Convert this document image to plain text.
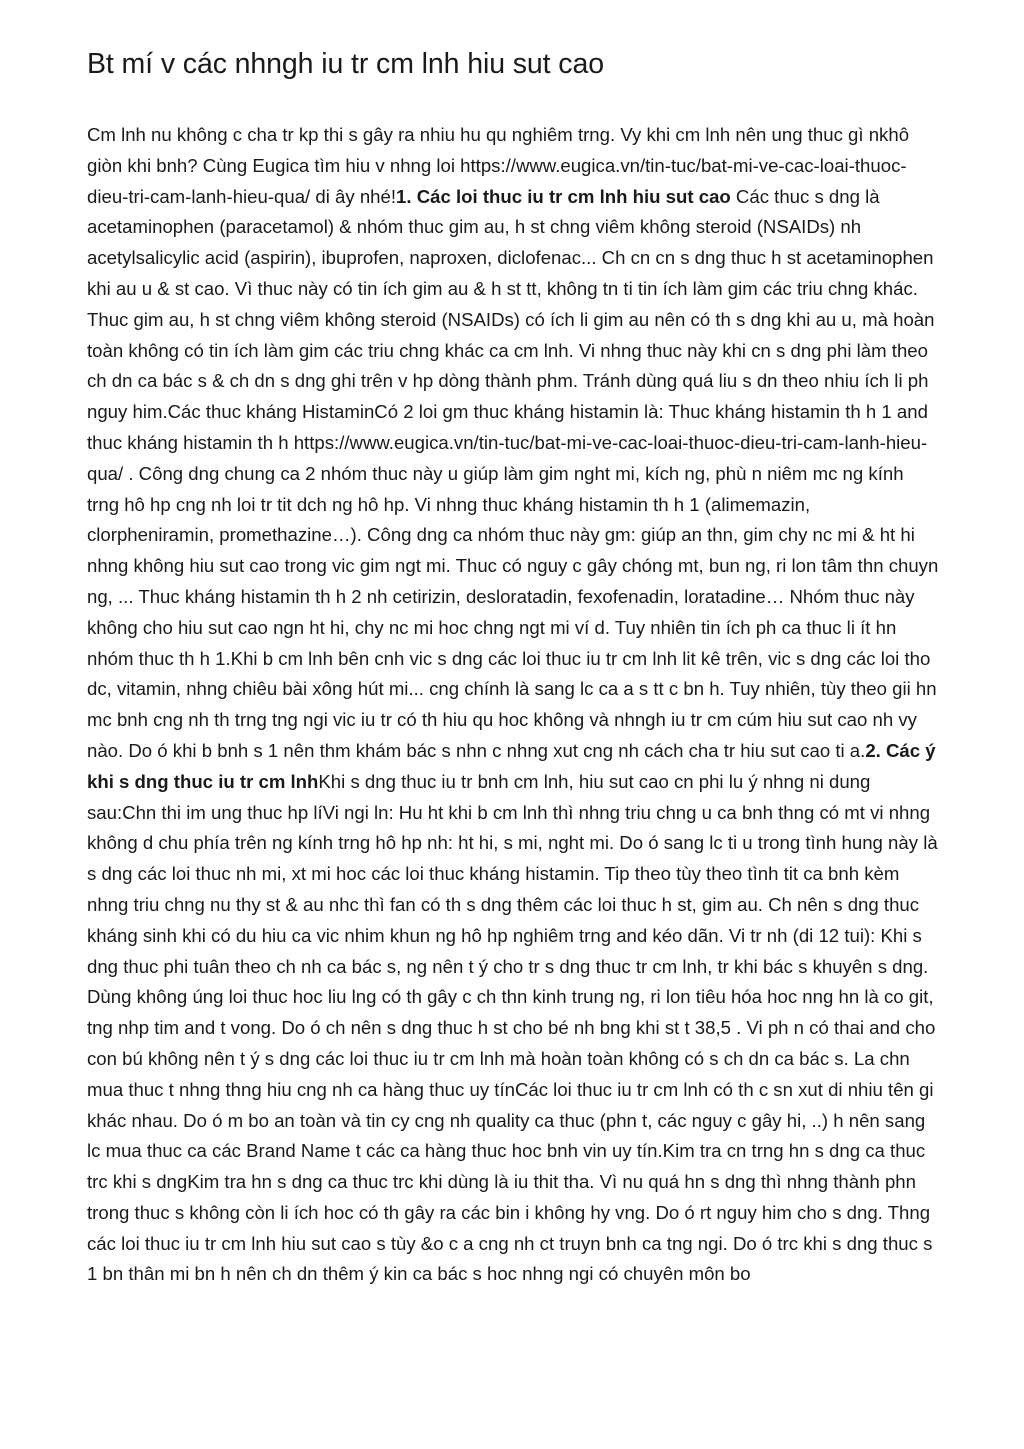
Bt mí v các nhngh iu tr cm lnh hiu sut cao

Cm lnh nu không c cha tr kp thi s gây ra nhiu hu qu nghiêm trng. Vy khi cm lnh nên ung thuc gì nkhô giòn khi bnh? Cùng Eugica tìm hiu v nhng loi https://www.eugica.vn/tin-tuc/bat-mi-ve-cac-loai-thuoc-dieu-tri-cam-lanh-hieu-qua/ di ây nhé!1. Các loi thuc iu tr cm lnh hiu sut cao Các thuc s dng là acetaminophen (paracetamol) & nhóm thuc gim au, h st chng viêm không steroid (NSAIDs) nh acetylsalicylic acid (aspirin), ibuprofen, naproxen, diclofenac... Ch cn cn s dng thuc h st acetaminophen khi au u & st cao. Vì thuc này có tin ích gim au & h st tt, không tn ti tin ích làm gim các triu chng khác. Thuc gim au, h st chng viêm không steroid (NSAIDs) có ích li gim au nên có th s dng khi au u, mà hoàn toàn không có tin ích làm gim các triu chng khác ca cm lnh. Vi nhng thuc này khi cn s dng phi làm theo ch dn ca bác s & ch dn s dng ghi trên v hp dòng thành phm. Tránh dùng quá liu s dn theo nhiu ích li ph nguy him.Các thuc kháng HistaminCó 2 loi gm thuc kháng histamin là: Thuc kháng histamin th h 1 and thuc kháng histamin th h https://www.eugica.vn/tin-tuc/bat-mi-ve-cac-loai-thuoc-dieu-tri-cam-lanh-hieu-qua/ . Công dng chung ca 2 nhóm thuc này u giúp làm gim nght mi, kích ng, phù n niêm mc ng kính trng hô hp cng nh loi tr tit dch ng hô hp. Vi nhng thuc kháng histamin th h 1 (alimemazin, clorpheniramin, promethazine…). Công dng ca nhóm thuc này gm: giúp an thn, gim chy nc mi & ht hi nhng không hiu sut cao trong vic gim ngt mi. Thuc có nguy c gây chóng mt, bun ng, ri lon tâm thn chuyn ng, ... Thuc kháng histamin th h 2 nh cetirizin, desloratadin, fexofenadin, loratadine… Nhóm thuc này không cho hiu sut cao ngn ht hi, chy nc mi hoc chng ngt mi ví d. Tuy nhiên tin ích ph ca thuc li ít hn nhóm thuc th h 1.Khi b cm lnh bên cnh vic s dng các loi thuc iu tr cm lnh lit kê trên, vic s dng các loi tho dc, vitamin, nhng chiêu bài xông hút mi... cng chính là sang lc ca a s tt c bn h. Tuy nhiên, tùy theo gii hn mc bnh cng nh th trng tng ngi vic iu tr có th hiu qu hoc không và nhngh iu tr cm cúm hiu sut cao nh vy nào. Do ó khi b bnh s 1 nên thm khám bác s nhn c nhng xut cng nh cách cha tr hiu sut cao ti a.2. Các ý khi s dng thuc iu tr cm lnhKhi s dng thuc iu tr bnh cm lnh, hiu sut cao cn phi lu ý nhng ni dung sau:Chn thi im ung thuc hp líVi ngi ln: Hu ht khi b cm lnh thì nhng triu chng u ca bnh thng có mt vi nhng không d chu phía trên ng kính trng hô hp nh: ht hi, s mi, nght mi. Do ó sang lc ti u trong tình hung này là s dng các loi thuc nh mi, xt mi hoc các loi thuc kháng histamin. Tip theo tùy theo tình tit ca bnh kèm nhng triu chng nu thy st & au nhc thì fan có th s dng thêm các loi thuc h st, gim au. Ch nên s dng thuc kháng sinh khi có du hiu ca vic nhim khun ng hô hp nghiêm trng and kéo dãn. Vi tr nh (di 12 tui): Khi s dng thuc phi tuân theo ch nh ca bác s, ng nên t ý cho tr s dng thuc tr cm lnh, tr khi bác s khuyên s dng. Dùng không úng loi thuc hoc liu lng có th gây c ch thn kinh trung ng, ri lon tiêu hóa hoc nng hn là co git, tng nhp tim and t vong. Do ó ch nên s dng thuc h st cho bé nh bng khi st t 38,5 . Vi ph n có thai and cho con bú không nên t ý s dng các loi thuc iu tr cm lnh mà hoàn toàn không có s ch dn ca bác s. La chn mua thuc t nhng thng hiu cng nh ca hàng thuc uy tínCác loi thuc iu tr cm lnh có th c sn xut di nhiu tên gi khác nhau. Do ó m bo an toàn và tin cy cng nh quality ca thuc (phn t, các nguy c gây hi, ..) h nên sang lc mua thuc ca các Brand Name t các ca hàng thuc hoc bnh vin uy tín.Kim tra cn trng hn s dng ca thuc trc khi s dngKim tra hn s dng ca thuc trc khi dùng là iu thit tha. Vì nu quá hn s dng thì nhng thành phn trong thuc s không còn li ích hoc có th gây ra các bin i không hy vng. Do ó rt nguy him cho s dng. Thng các loi thuc iu tr cm lnh hiu sut cao s tùy &o c a cng nh ct truyn bnh ca tng ngi. Do ó trc khi s dng thuc s 1 bn thân mi bn h nên ch dn thêm ý kin ca bác s hoc nhng ngi có chuyên môn bo
